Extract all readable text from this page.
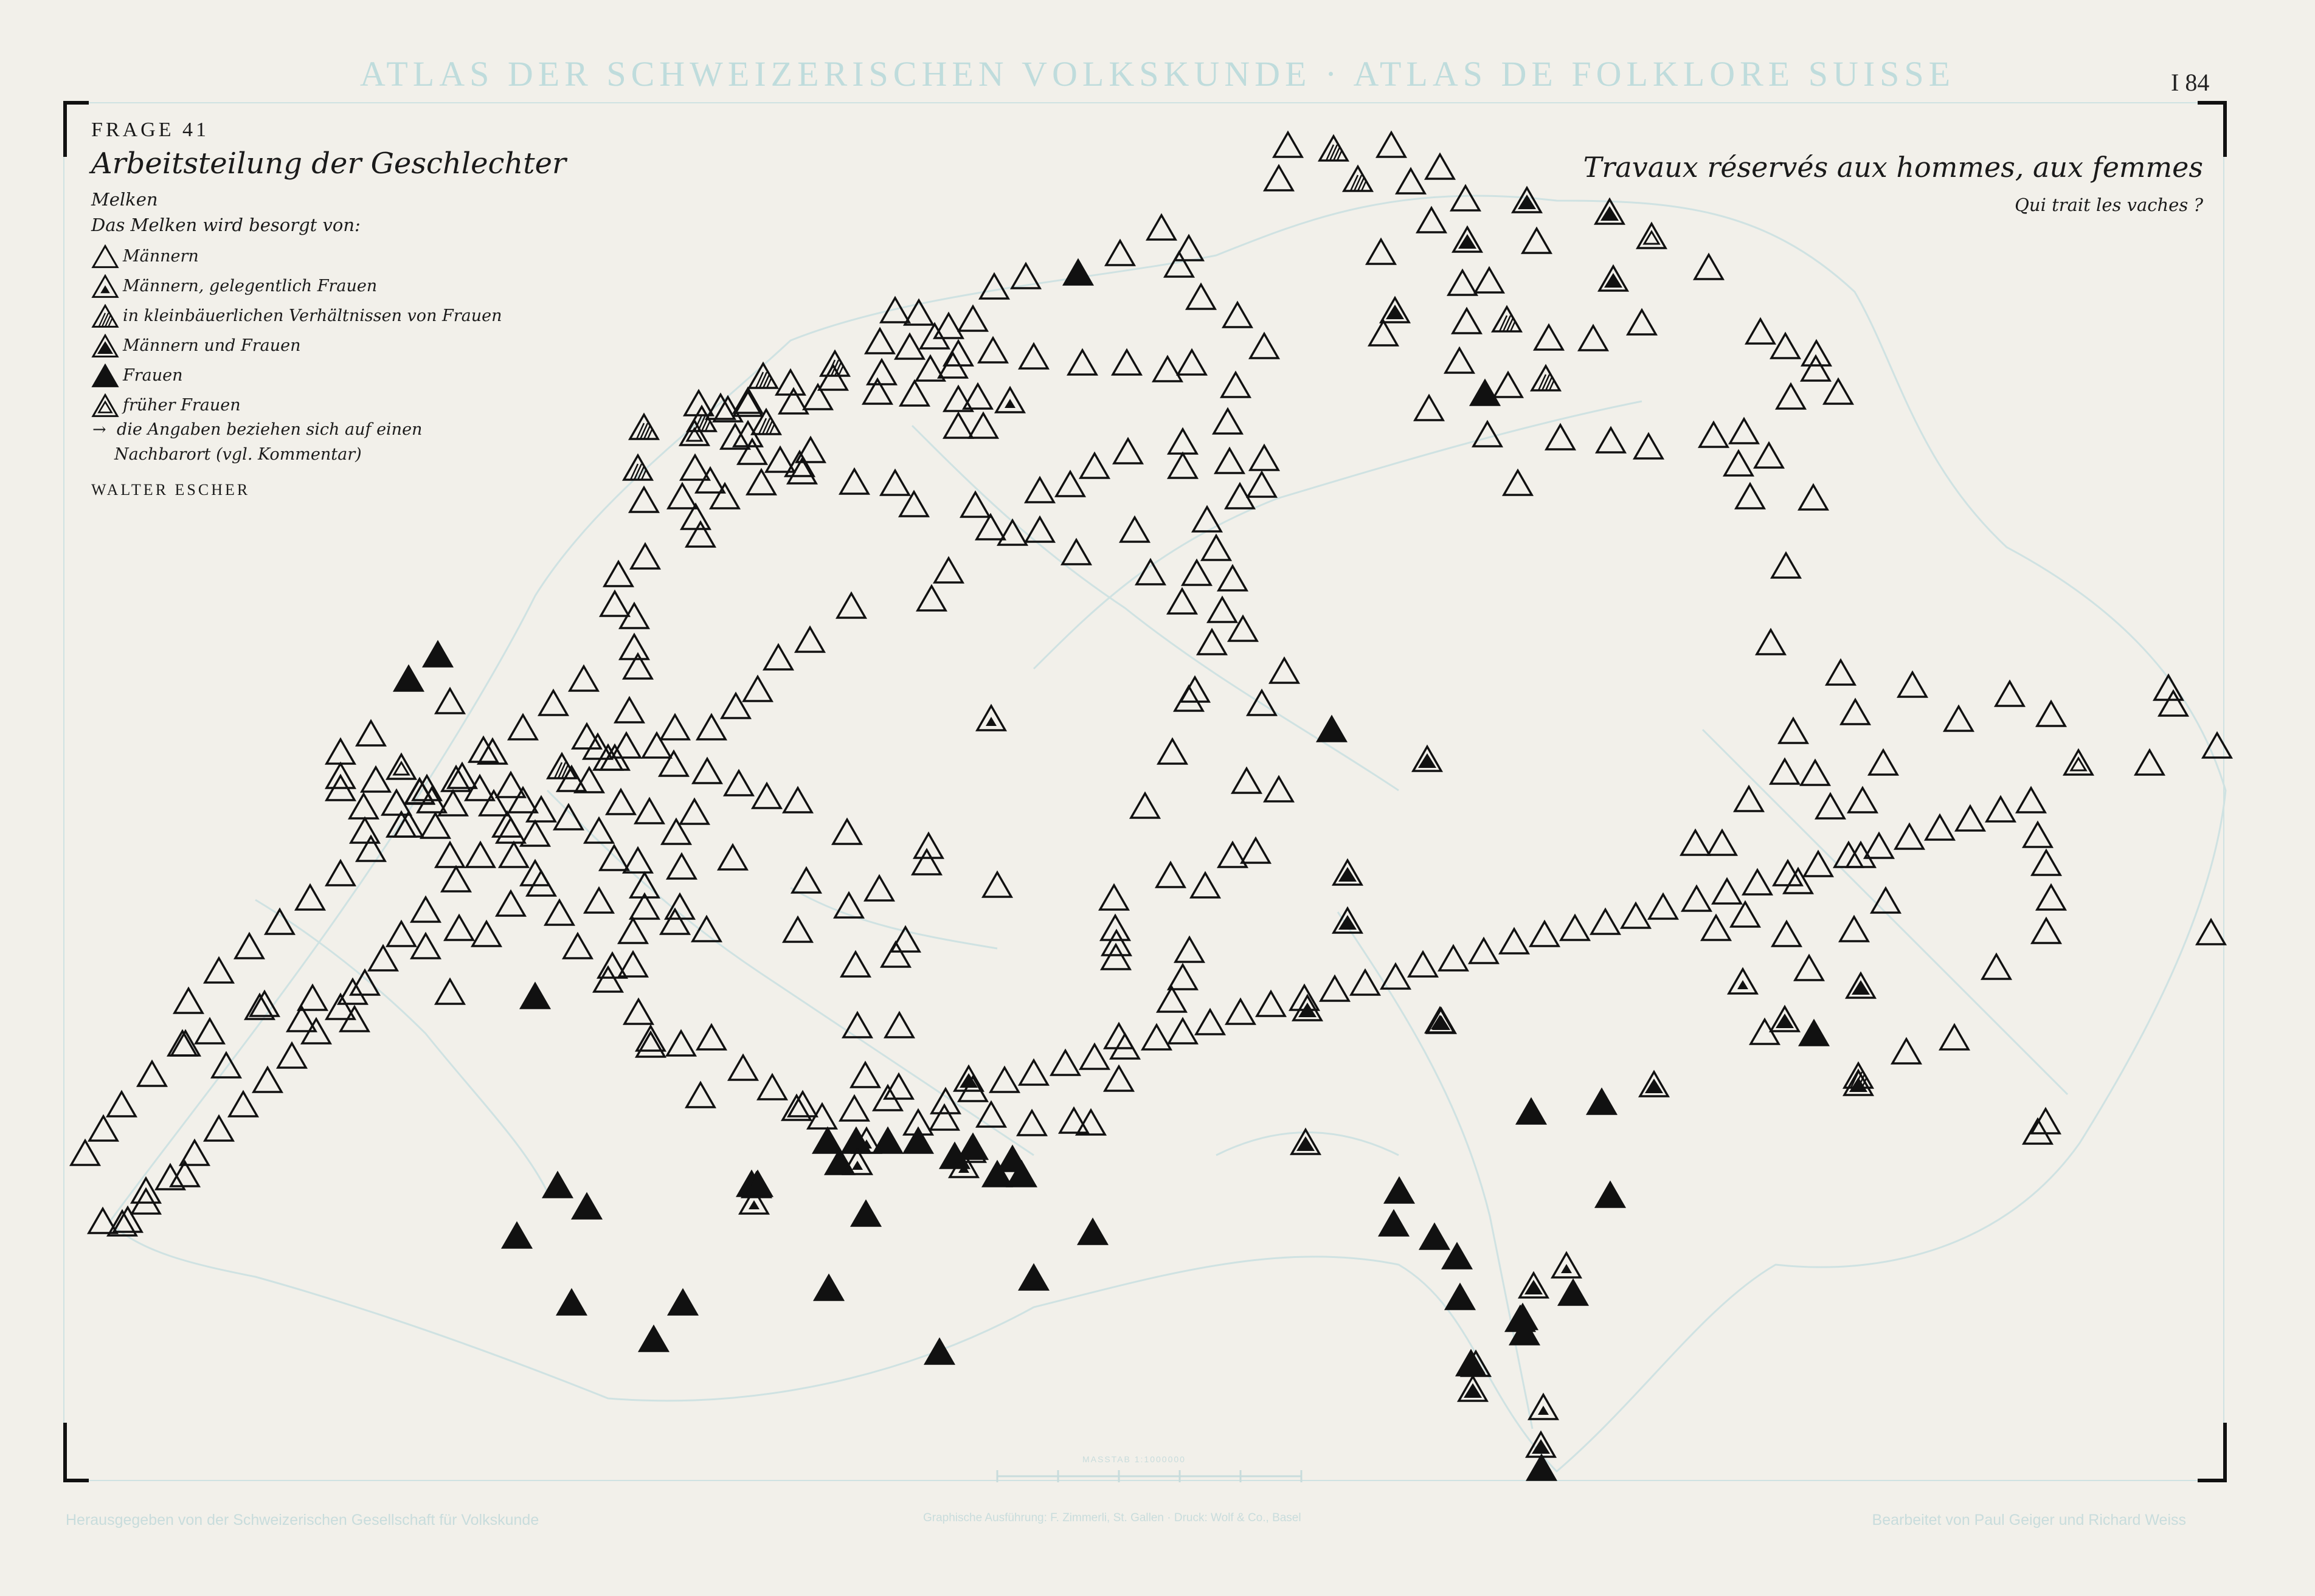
ATLAS DER SCHWEIZERISCHEN VOLKSKUNDE · ATLAS DE FOLKLORE SUISSE	I 84
MASSTAB 1:1000000
FRAGE 41
Arbeitsteilung der Geschlechter
Melken
Das Melken wird besorgt von:
Männern
Männern, gelegentlich Frauen
in kleinbäuerlichen Verhältnissen von Frauen
Männern und Frauen
Frauen
früher Frauen
→ die Angaben beziehen sich auf einen
Nachbarort (vgl. Kommentar)
WALTER ESCHER
Travaux réservés aux hommes, aux femmes
Qui trait les vaches ?
Herausgegeben von der Schweizerischen Gesellschaft für Volkskunde	Graphische Ausführung: F. Zimmerli, St. Gallen · Druck: Wolf & Co., Basel	Bearbeitet von Paul Geiger und Richard Weiss
